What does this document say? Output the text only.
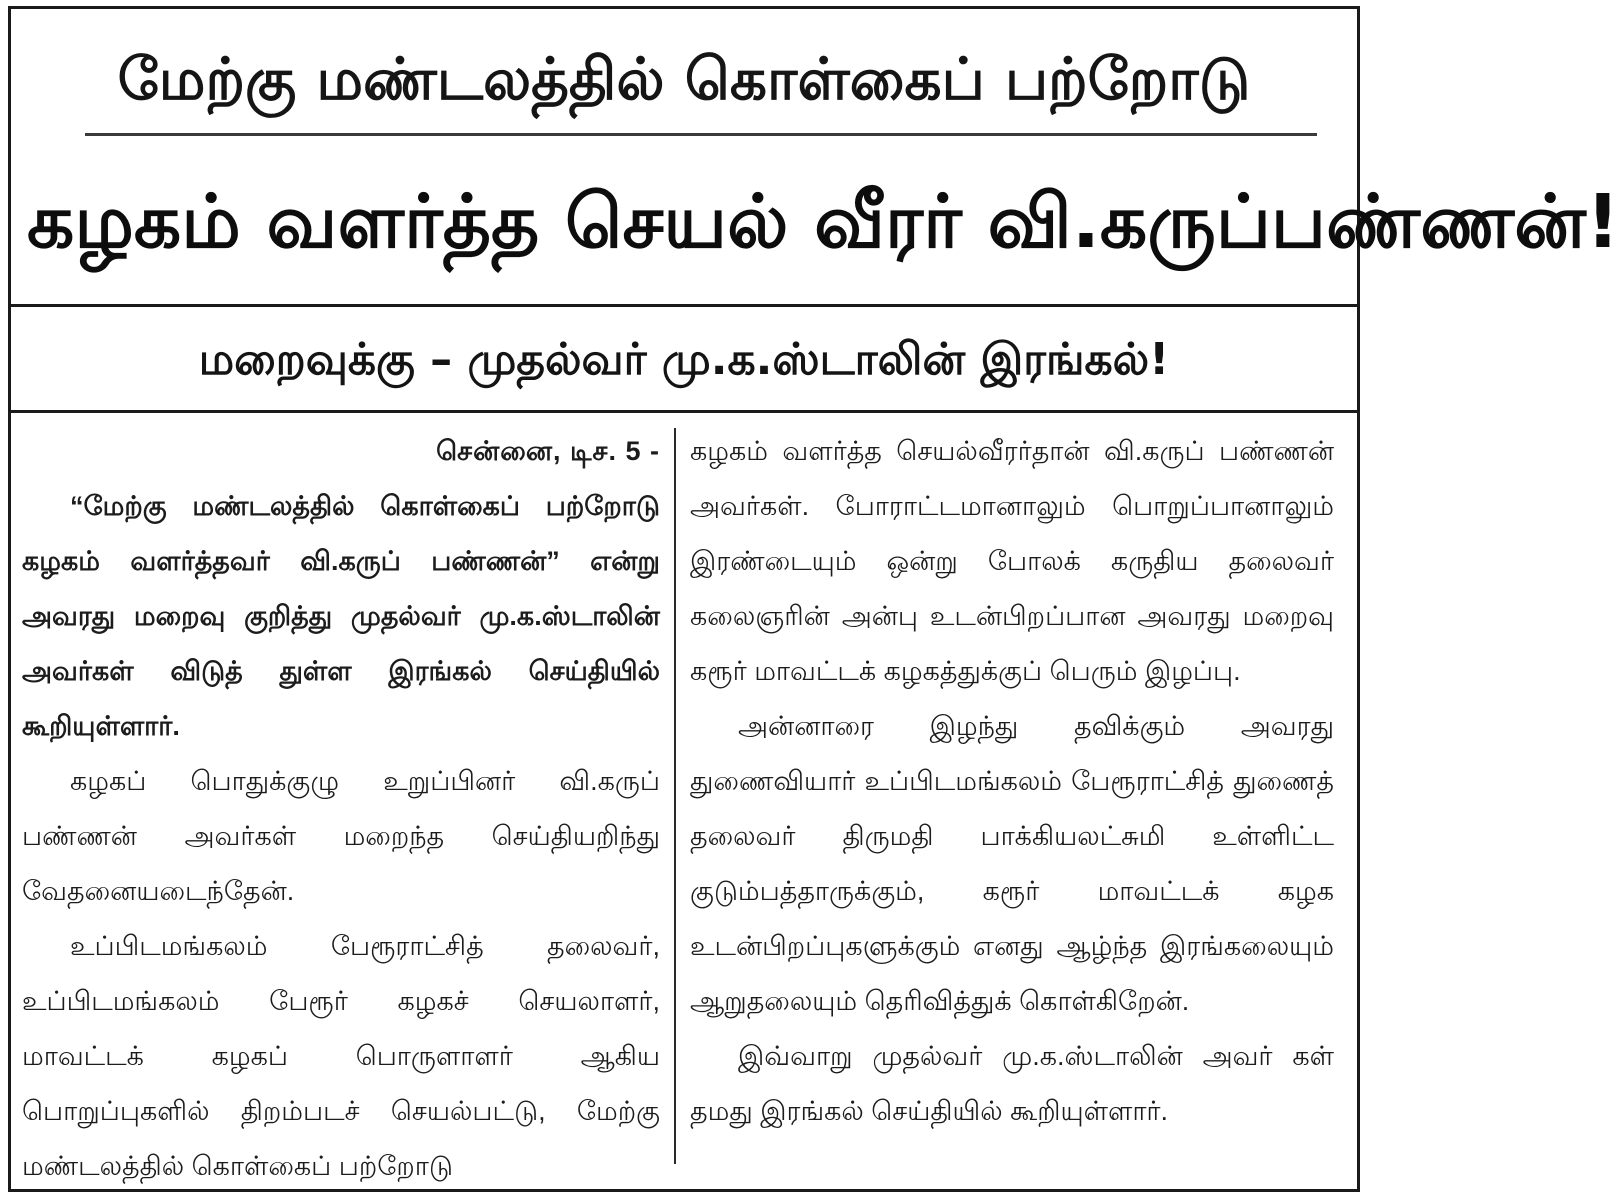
மேற்கு மண்டலத்தில் கொள்கைப் பற்றோடு
கழகம் வளர்த்த செயல் வீரர் வி.கருப்பண்ணன்!
மறைவுக்கு – முதல்வர் மு.க.ஸ்டாலின் இரங்கல்!

சென்னை, டிச. 5 -

“மேற்கு மண்டலத்தில் கொள்கைப் பற்றோடு கழகம் வளர்த்தவர் வி.கருப் பண்ணன்” என்று அவரது மறைவு குறித்து முதல்வர் மு.க.ஸ்டாலின் அவர்கள் விடுத் துள்ள இரங்கல் செய்தியில் கூறியுள்ளார்.

கழகப் பொதுக்குழு உறுப்பினர் வி.கருப் பண்ணன் அவர்கள் மறைந்த செய்தியறிந்து வேதனையடைந்தேன்.

உப்பிடமங்கலம் பேரூராட்சித் தலைவர், உப்பிடமங்கலம் பேரூர் கழகச் செயலாளர், மாவட்டக் கழகப் பொருளாளர் ஆகிய பொறுப்புகளில் திறம்படச் செயல்பட்டு, மேற்கு மண்டலத்தில் கொள்கைப் பற்றோடு

கழகம் வளர்த்த செயல்வீரர்தான் வி.கருப் பண்ணன் அவர்கள். போராட்டமானாலும் பொறுப்பானாலும் இரண்டையும் ஒன்று போலக் கருதிய தலைவர் கலைஞரின் அன்பு உடன்பிறப்பான அவரது மறைவு கரூர் மாவட்டக் கழகத்துக்குப் பெரும் இழப்பு.

அன்னாரை இழந்து தவிக்கும் அவரது துணைவியார் உப்பிடமங்கலம் பேரூராட்சித் துணைத் தலைவர் திருமதி பாக்கியலட்சுமி உள்ளிட்ட குடும்பத்தாருக்கும், கரூர் மாவட்டக் கழக உடன்பிறப்புகளுக்கும் எனது ஆழ்ந்த இரங்கலையும் ஆறுதலையும் தெரிவித்துக் கொள்கிறேன்.

இவ்வாறு முதல்வர் மு.க.ஸ்டாலின் அவர் கள் தமது இரங்கல் செய்தியில் கூறியுள்ளார்.
